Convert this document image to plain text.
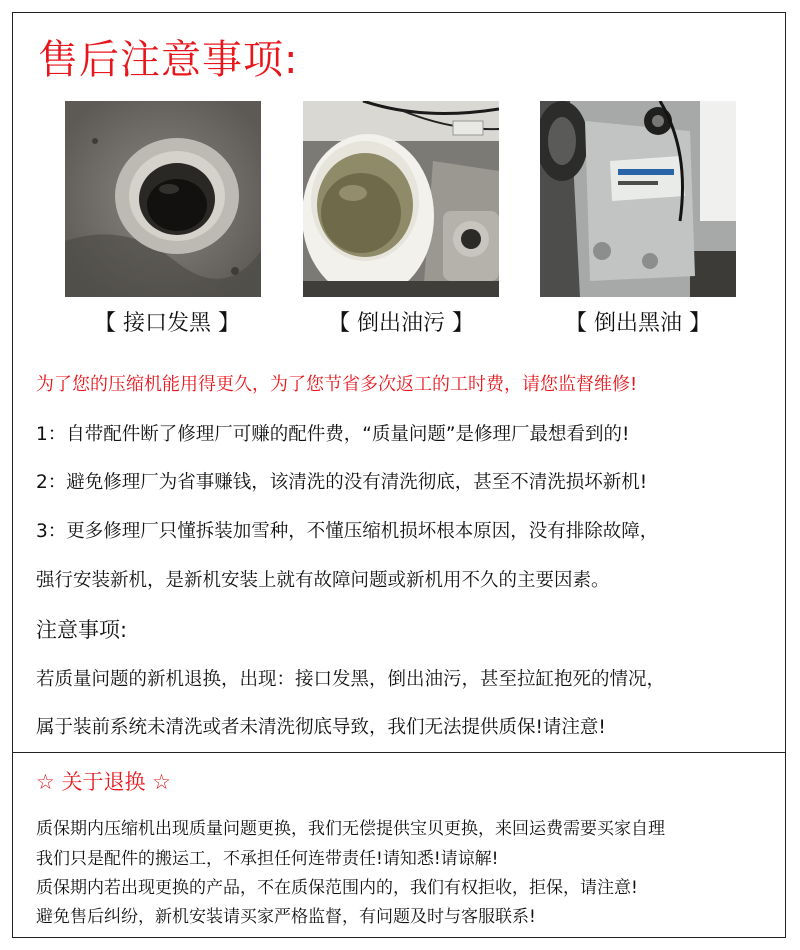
售后注意事项:
【 接口发黑 】	【 倒出油污 】	【 倒出黑油 】
为了您的压缩机能用得更久，为了您节省多次返工的工时费，请您监督维修!
1：自带配件断了修理厂可赚的配件费，“质量问题”是修理厂最想看到的!
2：避免修理厂为省事赚钱，该清洗的没有清洗彻底，甚至不清洗损坏新机!
3：更多修理厂只懂拆装加雪种，不懂压缩机损坏根本原因，没有排除故障，
强行安装新机，是新机安装上就有故障问题或新机用不久的主要因素。
注意事项:
若质量问题的新机退换，出现：接口发黑，倒出油污，甚至拉缸抱死的情况，
属于装前系统未清洗或者未清洗彻底导致，我们无法提供质保!请注意!
☆ 关于退换 ☆
质保期内压缩机出现质量问题更换，我们无偿提供宝贝更换，来回运费需要买家自理
我们只是配件的搬运工，不承担任何连带责任!请知悉!请谅解!
质保期内若出现更换的产品，不在质保范围内的，我们有权拒收，拒保，请注意!
避免售后纠纷，新机安装请买家严格监督，有问题及时与客服联系!
